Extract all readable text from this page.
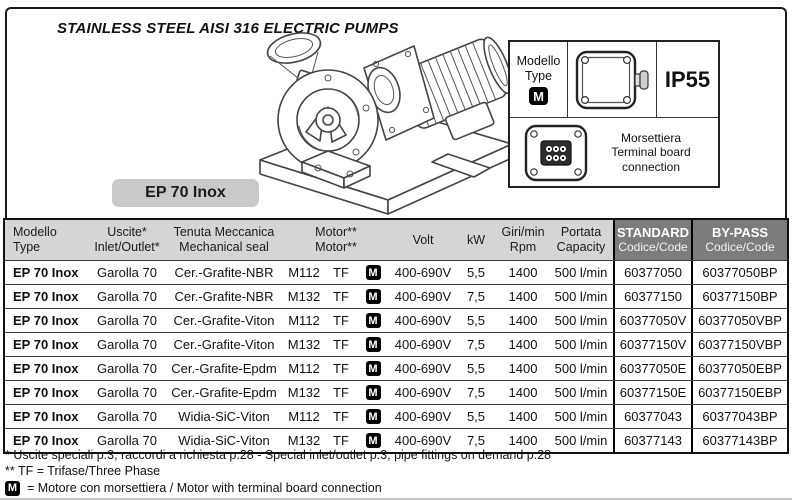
STAINLESS STEEL AISI 316 ELECTRIC PUMPS
Modello
Type
M
IP55
Morsettiera
Terminal board
connection
EP 70 Inox
Modello
Type
Uscite*
Inlet/Outlet*
Tenuta Meccanica
Mechanical seal
Motor**
Motor**
Volt	kW
Giri/min
Rpm
Portata
Capacity
STANDARD
Codice/Code
BY-PASS
Codice/Code
EP 70 Inox	Garolla 70	Cer.-Grafite-NBR	M112	TF	M 400-690V	5,5	1400	500 l/min	60377050	60377050BP
EP 70 Inox	Garolla 70	Cer.-Grafite-NBR	M132 TF	M 400-690V	7,5	1400	500 l/min	60377150	60377150BP
EP 70 Inox	Garolla 70	Cer.-Grafite-Viton	M112	TF	M 400-690V	5,5	1400	500 l/min 60377050V 60377050VBP
EP 70 Inox	Garolla 70	Cer.-Grafite-Viton	M132 TF	M 400-690V	7,5	1400	500 l/min 60377150V 60377150VBP
EP 70 Inox	Garolla 70	Cer.-Grafite-Epdm M112	TF	M 400-690V	5,5	1400	500 l/min 60377050E 60377050EBP
EP 70 Inox	Garolla 70	Cer.-Grafite-Epdm M132 TF	M 400-690V	7,5	1400	500 l/min 60377150E 60377150EBP
EP 70 Inox	Garolla 70	Widia-SiC-Viton	M112	TF	M 400-690V	5,5	1400	500 l/min	60377043	60377043BP
EP 70 Inox	Garolla 70	Widia-SiC-Viton	M132 TF	M 400-690V	7,5	1400	500 l/min	60377143	60377143BP
* Uscite speciali p.3, raccordi a richiesta p.28 - Special inlet/outlet p.3, pipe fittings on demand p.28
** TF = Trifase/Three Phase
M = Motore con morsettiera / Motor with terminal board connection
